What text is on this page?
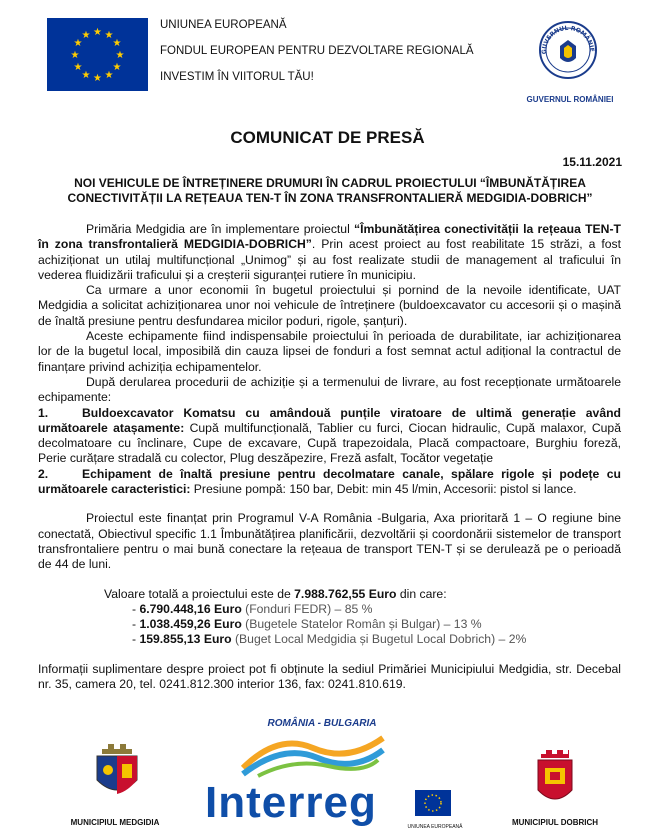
★ ★
★
★
★
★
★
★
★
★
★
★
UNIUNEA EUROPEANĂ
FONDUL EUROPEAN PENTRU DEZVOLTARE REGIONALĂ
INVESTIM ÎN VIITORUL TĂU!
GUVERNUL ROMÂNIE
GUVERNUL ROMÂNIEI
COMUNICAT DE PRESĂ
15.11.2021
NOI VEHICULE DE ÎNTREȚINERE DRUMURI ÎN CADRUL PROIECTULUI “ÎMBUNĂTĂȚIREA CONECTIVITĂȚII LA REȚEAUA TEN-T ÎN ZONA TRANSFRONTALIERĂ MEDGIDIA-DOBRICH”

Primăria Medgidia are în implementare proiectul “Îmbunătățirea conectivității la rețeaua TEN-T în zona transfrontalieră MEDGIDIA-DOBRICH”. Prin acest proiect au fost reabilitate 15 străzi, a fost achiziționat un utilaj multifuncțional „Unimog” și au fost realizate studii de management al traficului în vederea fluidizării traficului și a creșterii siguranței rutiere în municipiu.

Ca urmare a unor economii în bugetul proiectului și pornind de la nevoile identificate, UAT Medgidia a solicitat achiziționarea unor noi vehicule de întreținere (buldoexcavator cu accesorii și o mașină de înaltă presiune pentru desfundarea micilor poduri, rigole, șanțuri).

Aceste echipamente fiind indispensabile proiectului în perioada de durabilitate, iar achiziționarea lor de la bugetul local, imposibilă din cauza lipsei de fonduri a fost semnat actul adițional la contractul de finanțare privind achiziția echipamentelor.

După derularea procedurii de achiziție și a termenului de livrare, au fost recepționate următoarele echipamente:

1.	Buldoexcavator Komatsu cu amândouă punțile viratoare de ultimă generație având următoarele atașamente: Cupă multifuncțională, Tablier cu furci, Ciocan hidraulic, Cupă malaxor, Cupă decolmatoare cu înclinare, Cupe de excavare, Cupă trapezoidala, Placă compactoare, Burghiu foreză, Perie curățare stradală cu colector, Plug deszăpezire, Freză asfalt, Tocător vegetație

2.	Echipament de înaltă presiune pentru decolmatare canale, spălare rigole și podețe cu următoarele caracteristici: Presiune pompă: 150 bar, Debit: min 45 l/min, Accesorii: pistol si lance.

Proiectul este finanțat prin Programul V-A România -Bulgaria, Axa prioritară 1 – O regiune bine conectată, Obiectivul specific 1.1 Îmbunătățirea planificării, dezvoltării și coordonării sistemelor de transport transfrontaliere pentru o mai bună conectare la rețeaua de transport TEN-T și se derulează pe o perioadă de 44 de luni.

Valoare totală a proiectului este de 7.988.762,55 Euro din care:

- 6.790.448,16 Euro (Fonduri FEDR) – 85 %

- 1.038.459,26 Euro (Bugetele Statelor Român și Bulgar) – 13 %

- 159.855,13 Euro (Buget Local Medgidia și Bugetul Local Dobrich) – 2%

Informații suplimentare despre proiect pot fi obținute la sediul Primăriei Municipiului Medgidia, str. Decebal nr. 35, camera 20, tel. 0241.812.300 interior 136, fax: 0241.810.619.

MUNICIPIUL MEDGIDIA
ROMÂNIA - BULGARIA
Interreg	UNIUNEA EUROPEANĂ	MUNICIPIUL DOBRICH
